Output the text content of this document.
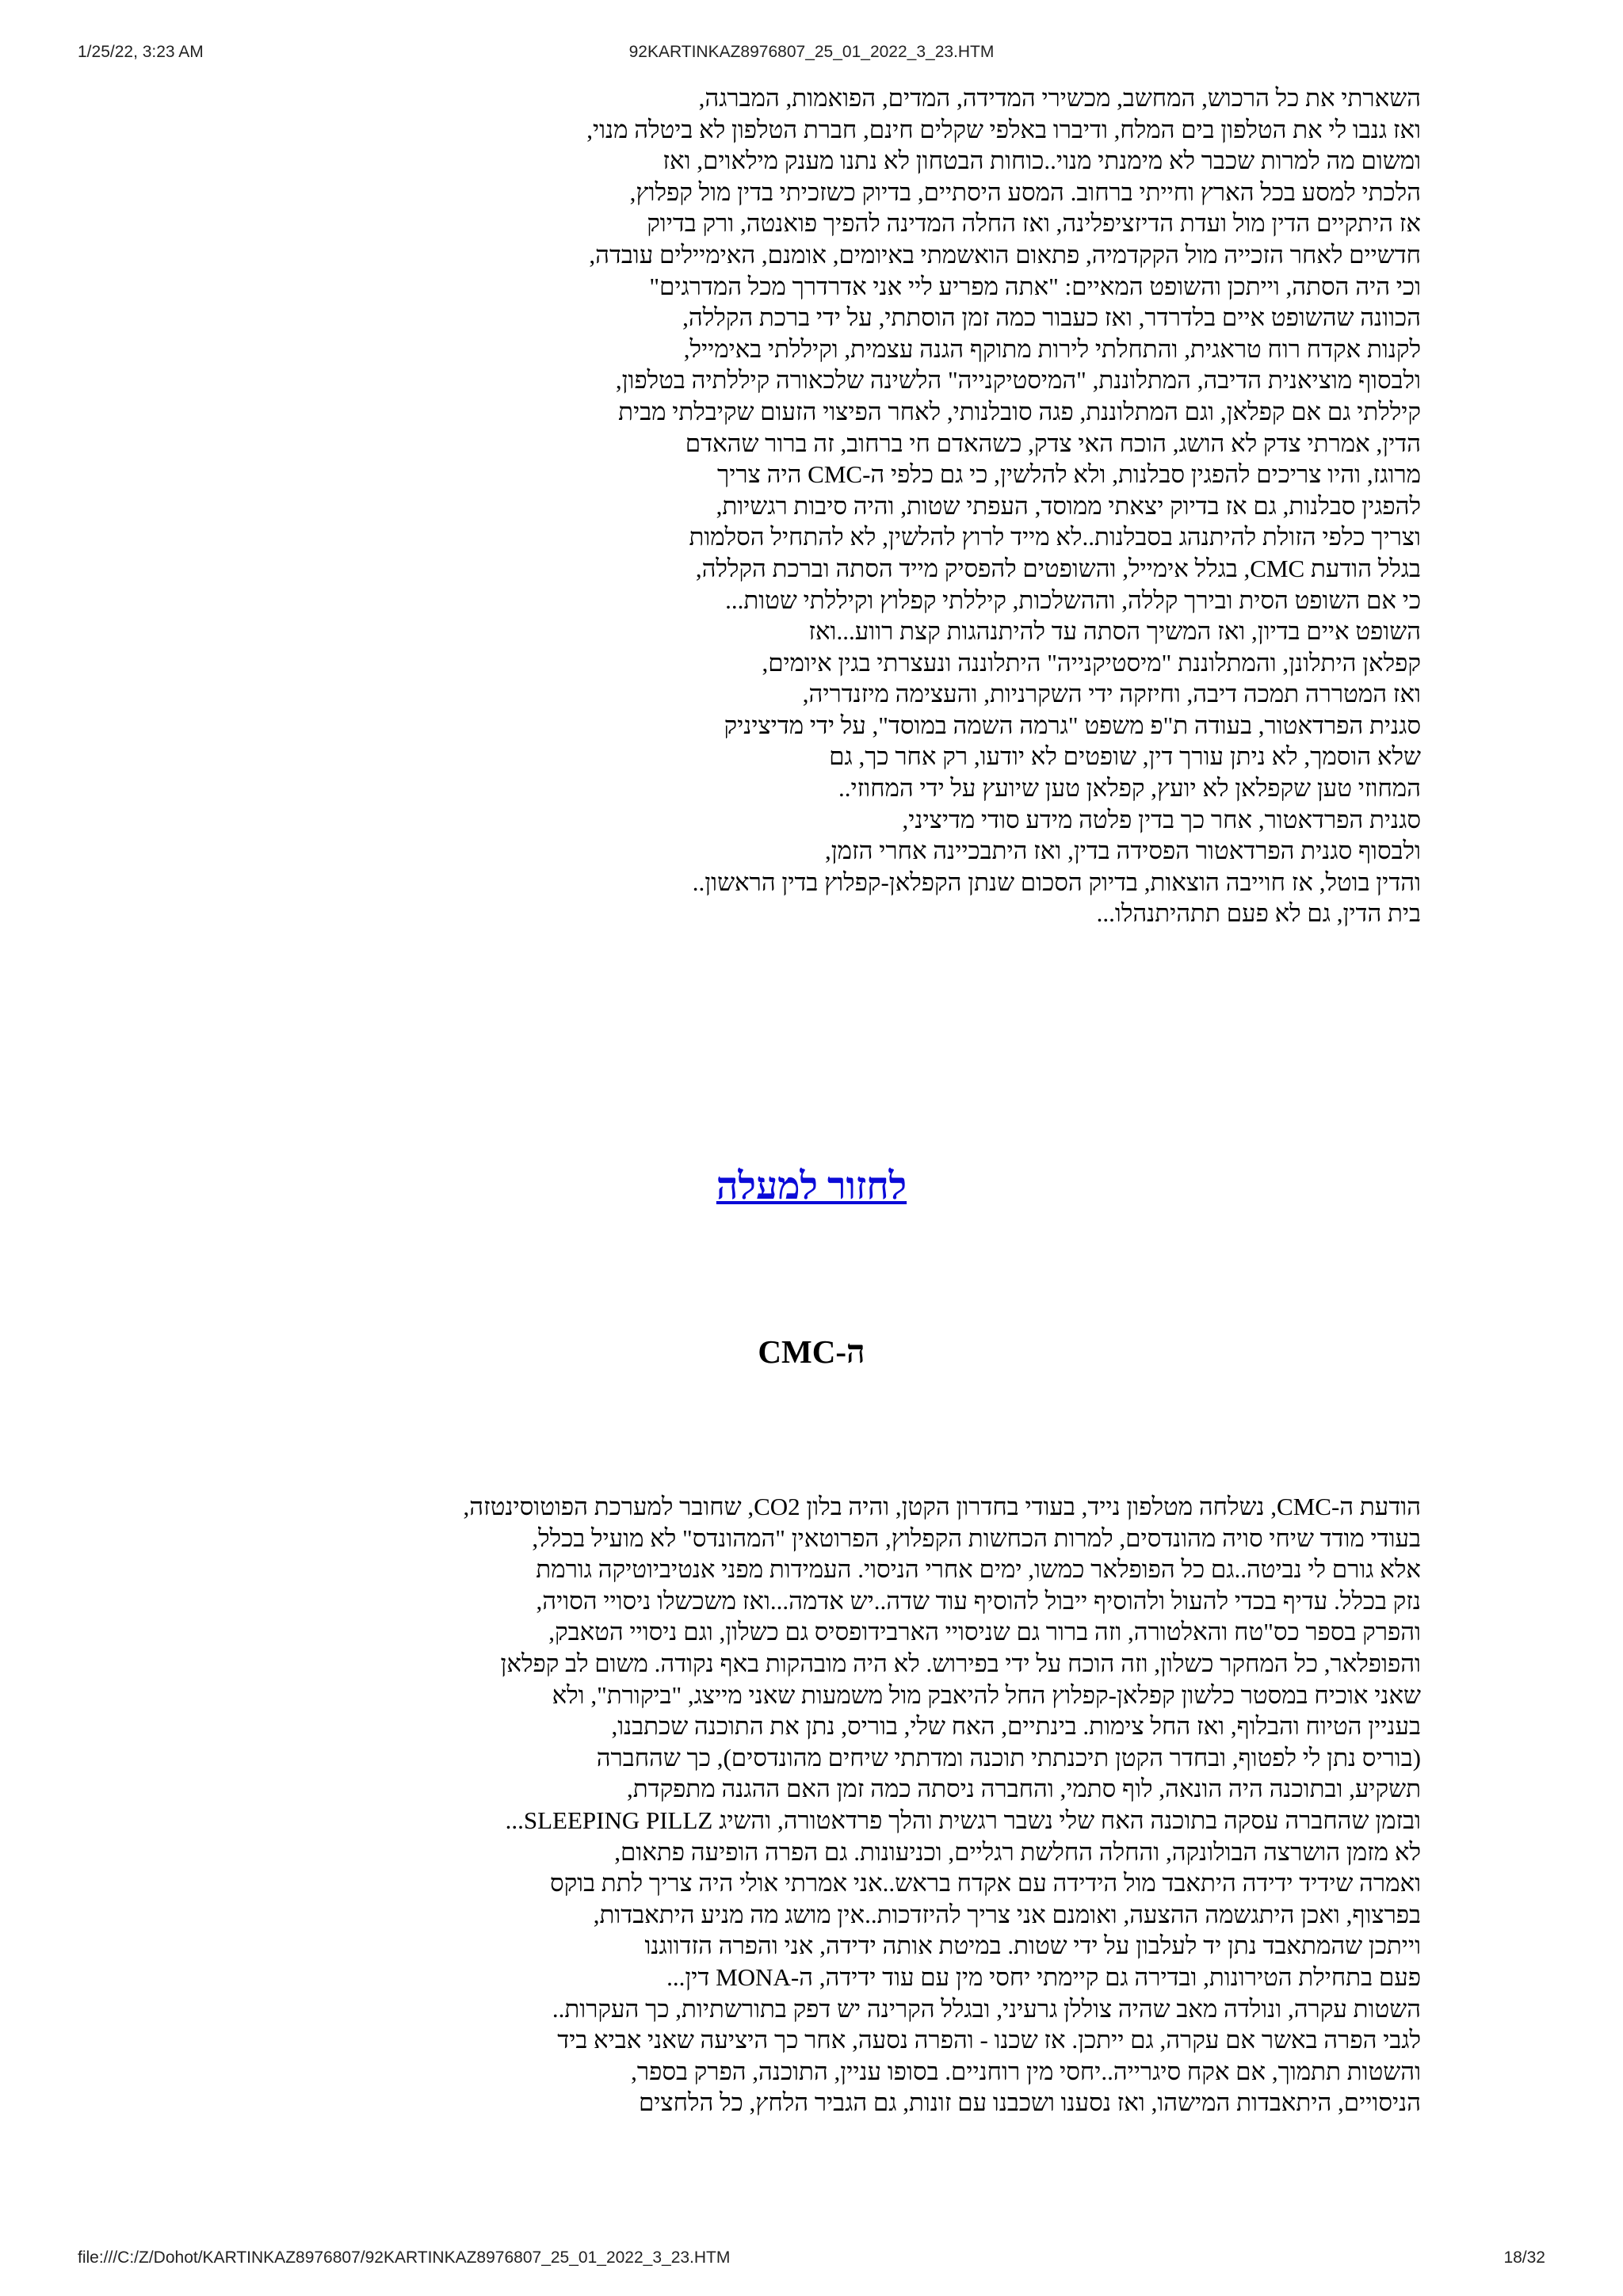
1/25/22, 3:23 AM	92KARTINKAZ8976807_25_01_2022_3_23.HTM
השארתי את כל הרכוש, המחשב, מכשירי המדידה, המדים, הפואמות, המברגה,
ואז גנבו לי את הטלפון בים המלח, ודיברו באלפי שקלים חינם, חברת הטלפון לא ביטלה מנוי,
ומשום מה למרות שכבר לא מימנתי מנוי..כוחות הבטחון לא נתנו מענק מילאוים, ואז
הלכתי למסע בכל הארץ וחייתי ברחוב. המסע היסתיים, בדיוק כשזכיתי בדין מול קפלוץ,
אז היתקיים הדין מול ועדת הדיזציפלינה, ואז החלה המדינה להפיך פואנטה, ורק בדיוק
חדשיים לאחר הזכייה מול הקקדמיה, פתאום הואשמתי באיומים, אומנם, האימיילים עובדה,
וכי היה הסתה, וייתכן והשופט המאיים: "אתה מפריע ליי אני אדרדרך מכל המדרגים"
הכוונה שהשופט איים בלדרדר, ואז כעבור כמה זמן הוסתתי, על ידי ברכת הקללה,
לקנות אקדח רוח טראגית, והתחלתי לירות מתוקף הגנה עצמית, וקיללתי באימייל,
ולבסוף מוציאנית הדיבה, המתלוננת, "המיסטיקנייה" הלשינה שלכאורה קיללתיה בטלפון,
קיללתי גם אם קפלאן, וגם המתלוננת, פגה סובלנותי, לאחר הפיצוי הזעום שקיבלתי מבית
הדין, אמרתי צדק לא הושג, הוכח האי צדק, כשהאדם חי ברחוב, זה ברור שהאדם
מרוגז, והיו צריכים להפגין סבלנות, ולא להלשין, כי גם כלפי ה-CMC היה צריך
להפגין סבלנות, גם אז בדיוק יצאתי ממוסד, העפתי שטות, והיה סיבות רגשיות,
וצריך כלפי הזולת להיתנהג בסבלנות..לא מייד לרוץ להלשין, לא להתחיל הסלמות
בגלל הודעת CMC, בגלל אימייל, והשופטים להפסיק מייד הסתה וברכת הקללה,
כי אם השופט הסית ובירך קללה, וההשלכות, קיללתי קפלוץ וקיללתי שטות...
השופט איים בדיון, ואז המשיך הסתה עד להיתנהגות קצת רווע...ואז
קפלאן היתלונן, והמתלוננת "מיסטיקנייה" היתלוננה ונעצרתי בגין איומים,
ואז המטררה תמכה דיבה, וחיזקה ידי השקרניות, והעצימה מיזנדריה,
סגנית הפרדאטור, בעודה ת"פ משפט "גרמה השמה במוסד", על ידי מדיציניק
שלא הוסמך, לא ניתן עורך דין, שופטים לא יודעו, רק אחר כך, גם
המחוזי טען שקפלאן לא יועץ, קפלאן טען שיועץ על ידי המחוזי..
סגנית הפרדאטור, אחר כך בדין פלטה מידע סודי מדיציני,
ולבסוף סגנית הפרדאטור הפסידה בדין, ואז היתבכיינה אחרי הזמן,
והדין בוטל, אז חוייבה הוצאות, בדיוק הסכום שנתן הקפלאן-קפלוץ בדין הראשון..
בית הדין, גם לא פעם תתהיתנהלו...
לחזור למעלה
ה-CMC
הודעת ה-CMC, נשלחה מטלפון נייד, בעודי בחדרון הקטן, והיה בלון CO2, שחובר למערכת הפוטוסינטזה,
בעודי מודד שיחי סויה מהונדסים, למרות הכחשות הקפלוץ, הפרוטאין "המהונדס" לא מועיל בכלל,
אלא גורם לי נביטה..גם כל הפופלאר כמשו, ימים אחרי הניסוי. העמידות מפני אנטיביוטיקה גורמת
נזק בכלל. עדיף בכדי להעול ולהוסיף ייבול להוסיף עוד שדה..יש אדמה...ואז משכשלו ניסויי הסויה,
והפרק בספר כס"טח והאלטורה, וזה ברור גם שניסויי הארבידופסיס גם כשלון, וגם ניסויי הטאבק,
והפופלאר, כל המחקר כשלון, וזה הוכח על ידי בפירוש. לא היה מובהקות באף נקודה. משום לב קפלאן
שאני אוכיח במסטר כלשון קפלאן-קפלוץ החל להיאבק מול משמעות שאני מייצג, "ביקורת", ולא
בעניין הטיוח והבלוף, ואז החל צימות. בינתיים, האח שלי, בוריס, נתן את התוכנה שכתבנו,
(בוריס נתן לי לפטוף, ובחדר הקטן תיכנתתי תוכנה ומדתתי שיחים מהונדסים), כך שהחברה
תשקיע, ובתוכנה היה הונאה, לוף סתמי, והחברה ניסתה כמה זמן האם ההגנה מתפקדת,
ובזמן שהחברה עסקה בתוכנה האח שלי נשבר רגשית והלך פרדאטורה, והשיג SLEEPING PILLZ...
לא מזמן הושרצה הבולונקה, והחלה החלשת רגליים, וכניעונות. גם הפרה הופיעה פתאום,
ואמרה שידיד ידידה היתאבד מול הידידה עם אקדח בראש..אני אמרתי אולי היה צריך לתת בוקס
בפרצוף, ואכן היתגשמה ההצעה, ואומנם אני צריך להיזדכות..אין מושג מה מניע היתאבדות,
וייתכן שהמתאבד נתן יד לעלבון על ידי שטות. במיטת אותה ידידה, אני והפרה הזדווגנו
פעם בתחילת הטירונות, ובדירה גם קיימתי יחסי מין עם עוד ידידה, ה-MONA דין...
השטות עקרה, ונולדה מאב שהיה צוללן גרעיני, ובגלל הקרינה יש דפק בתורשתיות, כך העקרות..
לגבי הפרה באשר אם עקרה, גם ייתכן. אז שכנו - והפרה נסעה, אחר כך היציעה שאני אביא ביד
והשטות תתמוך, אם אקח סיגרייה..יחסי מין רוחניים. בסופו עניין, התוכנה, הפרק בספר,
הניסויים, היתאבדות המישהו, ואז נסענו ושכבנו עם זונות, גם הגביר הלחץ, כל הלחצים
file:///C:/Z/Dohot/KARTINKAZ8976807/92KARTINKAZ8976807_25_01_2022_3_23.HTM	18/32
